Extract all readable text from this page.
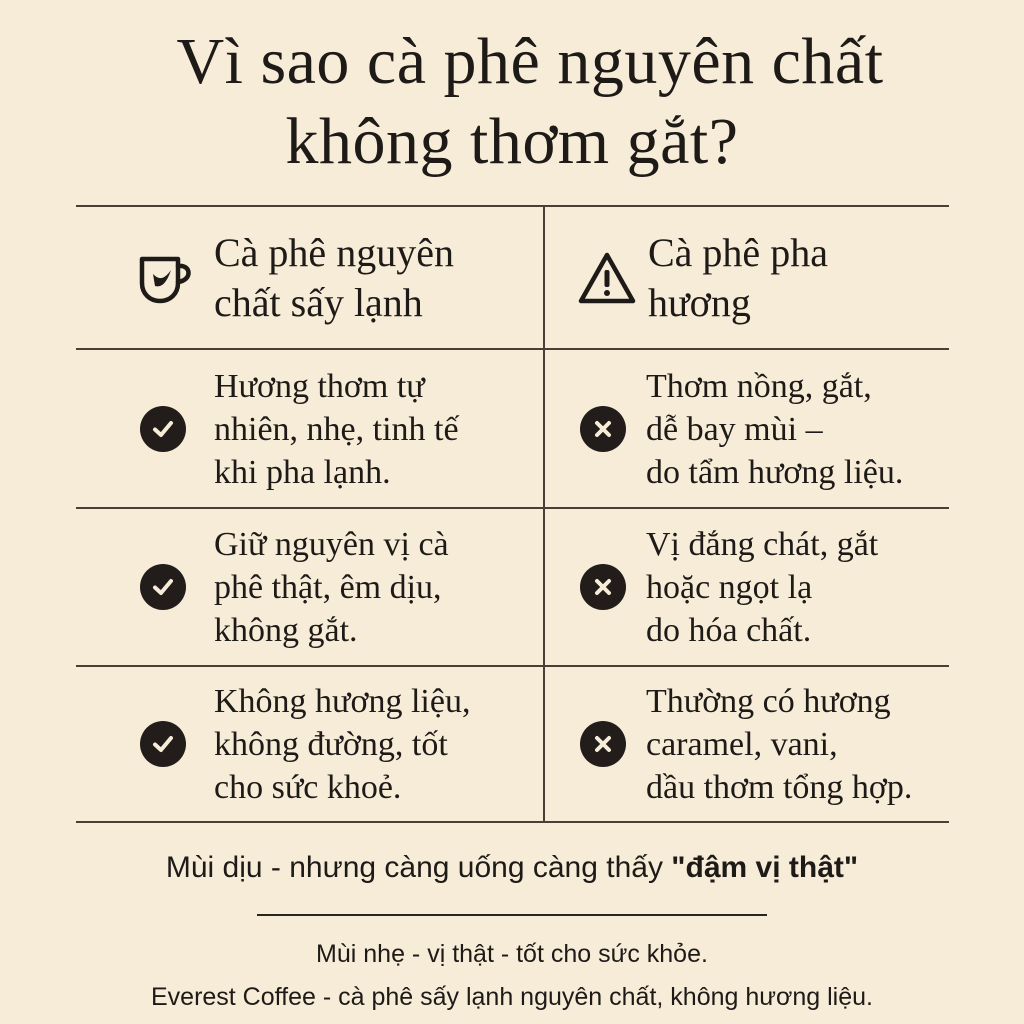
Vì sao cà phê nguyên chất
không thơm gắt?
Cà phê nguyên
chất sấy lạnh
Cà phê pha
hương
Hương thơm tự
nhiên, nhẹ, tinh tế
khi pha lạnh.
Thơm nồng, gắt,
dễ bay mùi –
do tẩm hương liệu.
Giữ nguyên vị cà
phê thật, êm dịu,
không gắt.
Vị đắng chát, gắt
hoặc ngọt lạ
do hóa chất.
Không hương liệu,
không đường, tốt
cho sức khoẻ.
Thường có hương
caramel, vani,
dầu thơm tổng hợp.

Mùi dịu - nhưng càng uống càng thấy "đậm vị thật"

Mùi nhẹ - vị thật - tốt cho sức khỏe.

Everest Coffee - cà phê sấy lạnh nguyên chất, không hương liệu.
